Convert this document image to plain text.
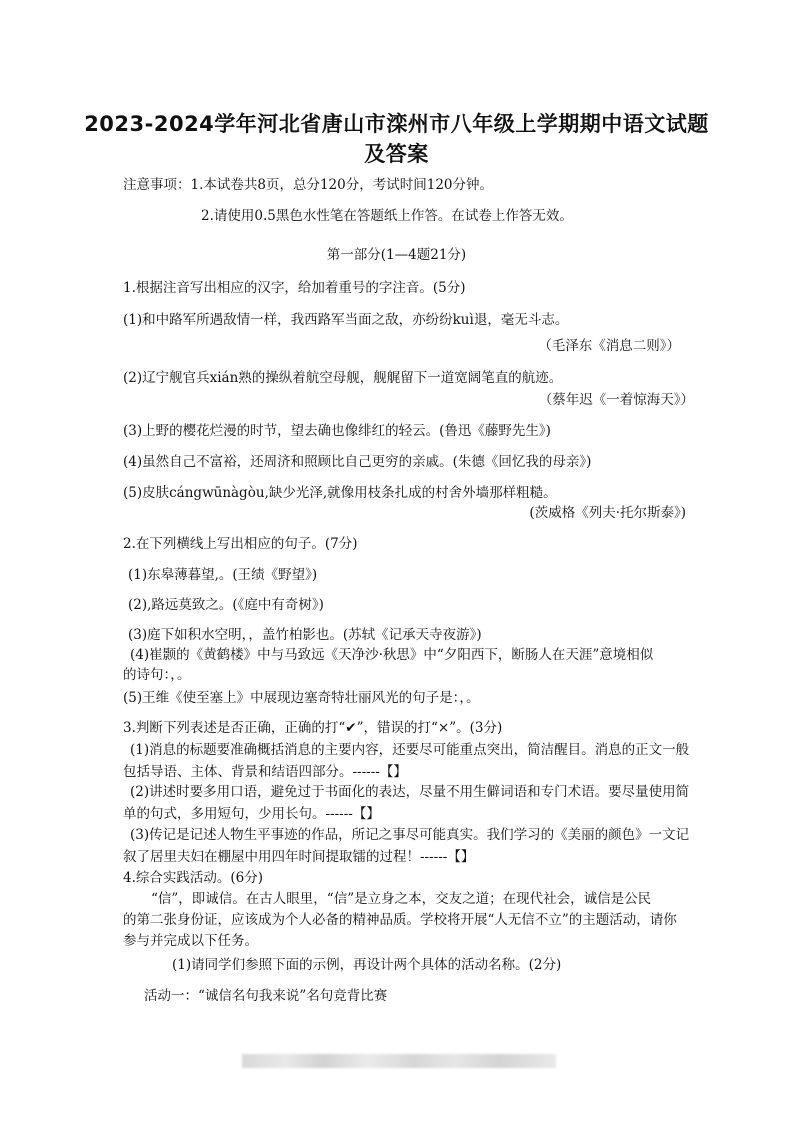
2023-2024学年河北省唐山市滦州市八年级上学期期中语文试题
及答案
注意事项：1.本试卷共8页，总分120分，考试时间120分钟。
2.请使用0.5黑色水性笔在答题纸上作答。在试卷上作答无效。
第一部分(1—4题21分)
1.根据注音写出相应的汉字，给加着重号的字注音。(5分)
(1)和中路军所遇敌情一样，我西路军当面之敌，亦纷纷kuì退，毫无斗志。
（毛泽东《消息二则》）
(2)辽宁舰官兵xián熟的操纵着航空母舰，舰艉留下一道宽阔笔直的航迹。
（蔡年迟《一着惊海天》）
(3)上野的樱花烂漫的时节，望去确也像绯红的轻云。(鲁迅《藤野先生》)
(4)虽然自己不富裕，还周济和照顾比自己更穷的亲戚。(朱德《回忆我的母亲》)
(5)皮肤cángwūnàgòu,缺少光泽,就像用枝条扎成的村舍外墙那样粗糙。
(茨威格《列夫·托尔斯泰》)
2.在下列横线上写出相应的句子。(7分)
(1)东皋薄暮望,。(王绩《野望》)
(2),路远莫致之。(《庭中有奇树》)
(3)庭下如积水空明，，盖竹柏影也。(苏轼《记承天寺夜游》)
(4)崔颢的《黄鹤楼》中与马致远《天净沙·秋思》中“夕阳西下，断肠人在天涯”意境相似
的诗句：，。
(5)王维《使至塞上》中展现边塞奇特壮丽风光的句子是：，。
3.判断下列表述是否正确，正确的打“✔”，错误的打“×”。(3分)
(1)消息的标题要准确概括消息的主要内容，还要尽可能重点突出，简洁醒目。消息的正文一般
包括导语、主体、背景和结语四部分。------【】
(2)讲述时要多用口语，避免过于书面化的表达，尽量不用生僻词语和专门术语。要尽量使用简
单的句式，多用短句，少用长句。------【】
(3)传记是记述人物生平事迹的作品，所记之事尽可能真实。我们学习的《美丽的颜色》一文记
叙了居里夫妇在棚屋中用四年时间提取镭的过程！------【】
4.综合实践活动。(6分)
“信”，即诚信。在古人眼里，“信”是立身之本，交友之道；在现代社会，诚信是公民
的第二张身份证，应该成为个人必备的精神品质。学校将开展“人无信不立”的主题活动，请你
参与并完成以下任务。
(1)请同学们参照下面的示例，再设计两个具体的活动名称。(2分)
活动一：“诚信名句我来说”名句竞背比赛
